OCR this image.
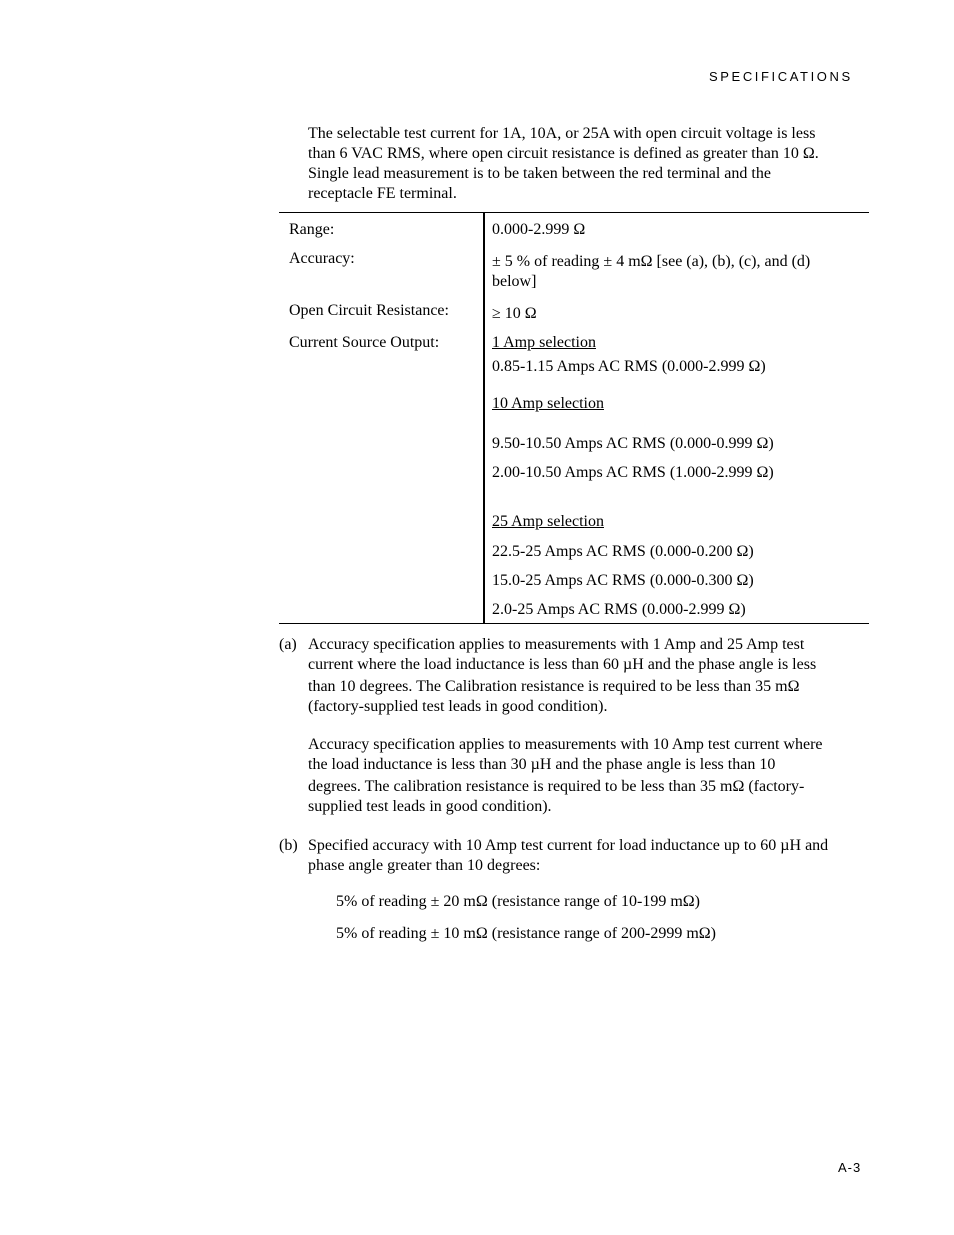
SPECIFICATIONS
The selectable test current for 1A, 10A, or 25A with open circuit voltage is less
than 6 VAC RMS, where open circuit resistance is defined as greater than 10 Ω.
Single lead measurement is to be taken between the red terminal and the
receptacle FE terminal.
Range:	0.000-2.999 Ω
Accuracy:	± 5 % of reading ± 4 mΩ [see (a), (b), (c), and (d)
below]
Open Circuit Resistance:	≥ 10 Ω
Current Source Output:	1 Amp selection
0.85-1.15 Amps AC RMS (0.000-2.999 Ω)
10 Amp selection
9.50-10.50 Amps AC RMS (0.000-0.999 Ω)
2.00-10.50 Amps AC RMS (1.000-2.999 Ω)
25 Amp selection
22.5-25 Amps AC RMS (0.000-0.200 Ω)
15.0-25 Amps AC RMS (0.000-0.300 Ω)
2.0-25 Amps AC RMS (0.000-2.999 Ω)
(a) Accuracy specification applies to measurements with 1 Amp and 25 Amp test
current where the load inductance is less than 60 µH and the phase angle is less
than 10 degrees. The Calibration resistance is required to be less than 35 mΩ
(factory-supplied test leads in good condition).
Accuracy specification applies to measurements with 10 Amp test current where
the load inductance is less than 30 µH and the phase angle is less than 10
degrees. The calibration resistance is required to be less than 35 mΩ (factory-
supplied test leads in good condition).
(b) Specified accuracy with 10 Amp test current for load inductance up to 60 µH and
phase angle greater than 10 degrees:
5% of reading ± 20 mΩ (resistance range of 10-199 mΩ)
5% of reading ± 10 mΩ (resistance range of 200-2999 mΩ)
A-3
